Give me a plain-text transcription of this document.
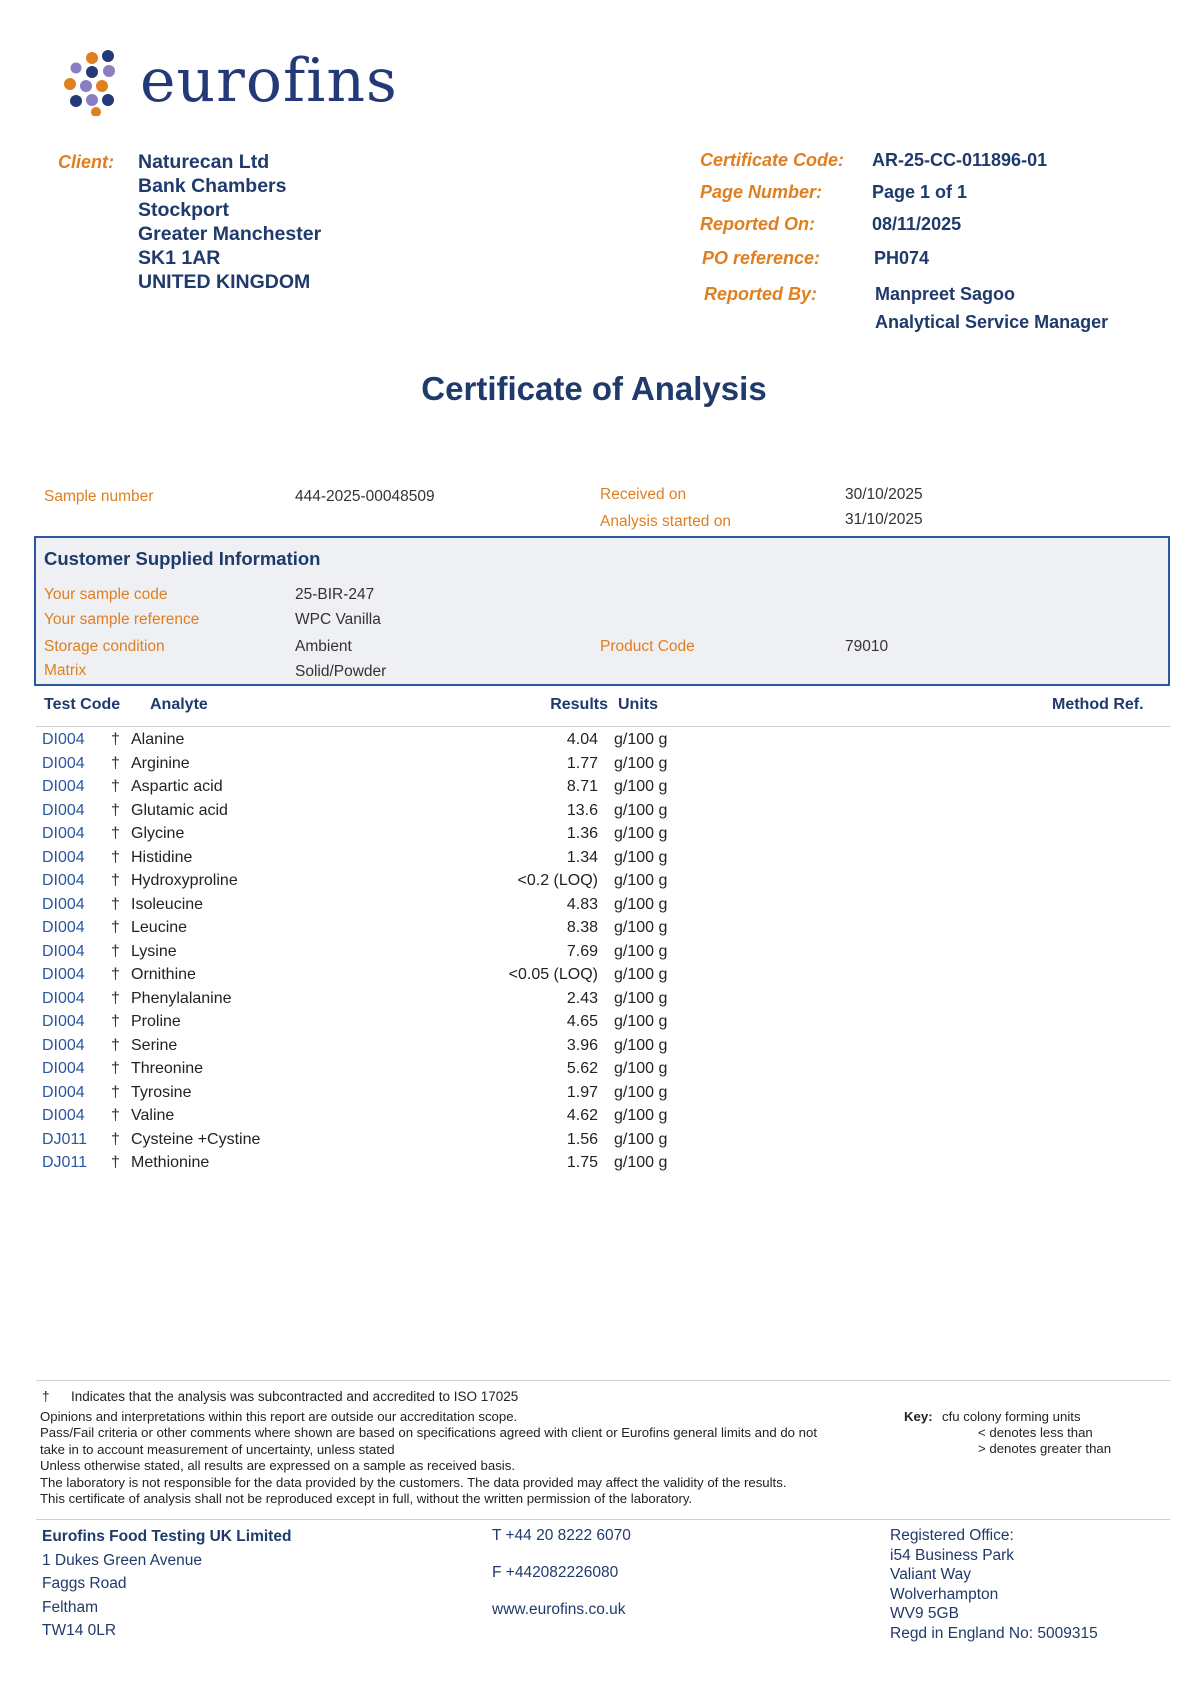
eurofins
Client: Naturecan Ltd
Bank Chambers
Stockport
Greater Manchester
SK1 1AR
UNITED KINGDOM
Certificate Code: AR-25-CC-011896-01
Page Number:	Page 1 of 1
Reported On:	08/11/2025
PO reference:	PH074
Reported By:	Manpreet Sagoo
Analytical Service Manager
Certificate of Analysis
Sample number	444-2025-00048509	Received on	30/10/2025
Analysis started on	31/10/2025
Customer Supplied Information
Your sample code	25-BIR-247
Your sample reference	WPC Vanilla
Storage condition	Ambient	Product Code	79010
Matrix	Solid/Powder
Test Code Analyte	Results Units	Method Ref.
DI004 † Alanine	4.04 g/100 g
DI004 † Arginine	1.77 g/100 g
DI004 † Aspartic acid	8.71 g/100 g
DI004 † Glutamic acid	13.6 g/100 g
DI004 † Glycine	1.36 g/100 g
DI004 † Histidine	1.34 g/100 g
DI004 † Hydroxyproline	<0.2 (LOQ) g/100 g
DI004 † Isoleucine	4.83 g/100 g
DI004 † Leucine	8.38 g/100 g
DI004 † Lysine	7.69 g/100 g
DI004 † Ornithine	<0.05 (LOQ) g/100 g
DI004 † Phenylalanine	2.43 g/100 g
DI004 † Proline	4.65 g/100 g
DI004 † Serine	3.96 g/100 g
DI004 † Threonine	5.62 g/100 g
DI004 † Tyrosine	1.97 g/100 g
DI004 † Valine	4.62 g/100 g
DJ011 † Cysteine +Cystine	1.56 g/100 g
DJ011 † Methionine	1.75 g/100 g
† Indicates that the analysis was subcontracted and accredited to ISO 17025
Opinions and interpretations within this report are outside our accreditation scope.
Pass/Fail criteria or other comments where shown are based on specifications agreed with client or Eurofins general limits and do not
take in to account measurement of uncertainty, unless stated
Unless otherwise stated, all results are expressed on a sample as received basis.
The laboratory is not responsible for the data provided by the customers. The data provided may affect the validity of the results.
This certificate of analysis shall not be reproduced except in full, without the written permission of the laboratory.
Key: cfu colony forming units
< denotes less than
> denotes greater than
Eurofins Food Testing UK Limited
1 Dukes Green Avenue
Faggs Road
Feltham
TW14 0LR
T +44 20 8222 6070
F +442082226080
www.eurofins.co.uk
Registered Office:
i54 Business Park
Valiant Way
Wolverhampton
WV9 5GB
Regd in England No: 5009315
